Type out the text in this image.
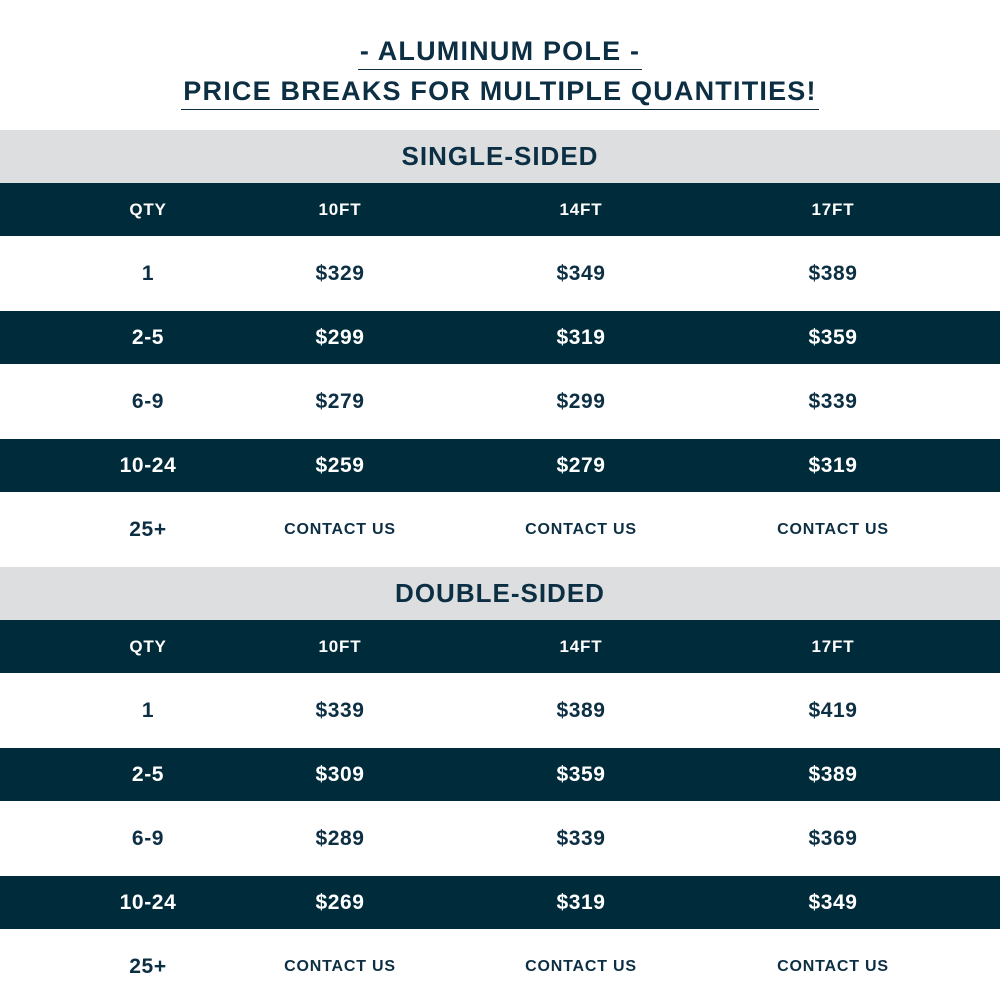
- ALUMINUM POLE -
PRICE BREAKS FOR MULTIPLE QUANTITIES!
SINGLE-SIDED
QTY	10FT	14FT	17FT
1	$329	$349	$389
2-5	$299	$319	$359
6-9	$279	$299	$339
10-24	$259	$279	$319
25+	CONTACT US	CONTACT US	CONTACT US
DOUBLE-SIDED
QTY	10FT	14FT	17FT
1	$339	$389	$419
2-5	$309	$359	$389
6-9	$289	$339	$369
10-24	$269	$319	$349
25+	CONTACT US	CONTACT US	CONTACT US
